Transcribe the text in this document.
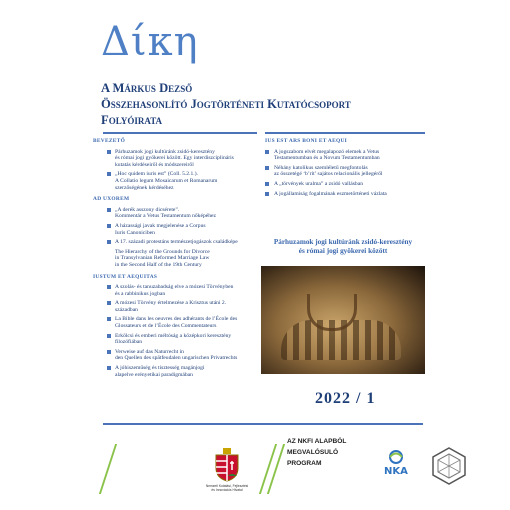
Δίκη
A Márkus Dezső
Összehasonlító Jogtörténeti Kutatócsoport
Folyóirata
BEVEZETŐ
Párhuzamok jogi kultúránk zsidó-keresztény
és római jogi gyökerei között. Egy interdiszciplináris
kutatás kérdéseiről és módszereiről
„Hoc quidem iuris est” (Coll. 5.2.1.).
A Collatio legum Mosaicarum et Romanarum
szerzőségének kérdéséhez
AD UXOREM
„A derék asszony dicsérete”.
Kommentár a Vetus Testamentum nőképéhez
A házassági javak megjelenése a Corpus
Iuris Canoniciben
A 17. századi protestáns természetjogászok családképe
The Hierarchy of the Grounds for Divorce
in Transylvanian Reformed Marriage Law
in the Second Half of the 19th Century
IUSTUM ET AEQUITAS
A szolás- és tanuzabadság elve a mózesi Törvényben
és a rabbinikus jogban
A mózesi Törvény értelmezése a Krisztus utáni 2.
században
La Bible dans les oeuvres des adhérants de l’École des
Glossateurs et de l’École des Commentateurs
Erkölcsi és emberi méltóság a középkori keresztény
filozófiában
Verweise auf das Naturrecht in
den Quellen des spätfeudalen ungarischen Privatrechts
A jóhiszeműség és tisztesség magánjogi
alapelve erényetikai paradigmában
IUS EST ARS BONI ET AEQUI
A jogszabom elvét megalapozó elemek a Vetus
Testamentumban és a Novum Testamentumban
Néhány katolikus szemléletű megfontolás
az összetégé ‘b’rít’ sajátos relacionális jellegéről
A „törvények uralma” a zsidó vallásban
A jogállamiság fogalmának eszmetörténeti vázlata
Párhuzamok jogi kultúránk zsidó-keresztény
és római jogi gyökerei között
2022 / 1
Nemzeti Kutatási, Fejlesztési
és Innovációs Hivatal
AZ NKFI ALAPBÓL
MEGVALÓSULÓ
PROGRAM
NKA
